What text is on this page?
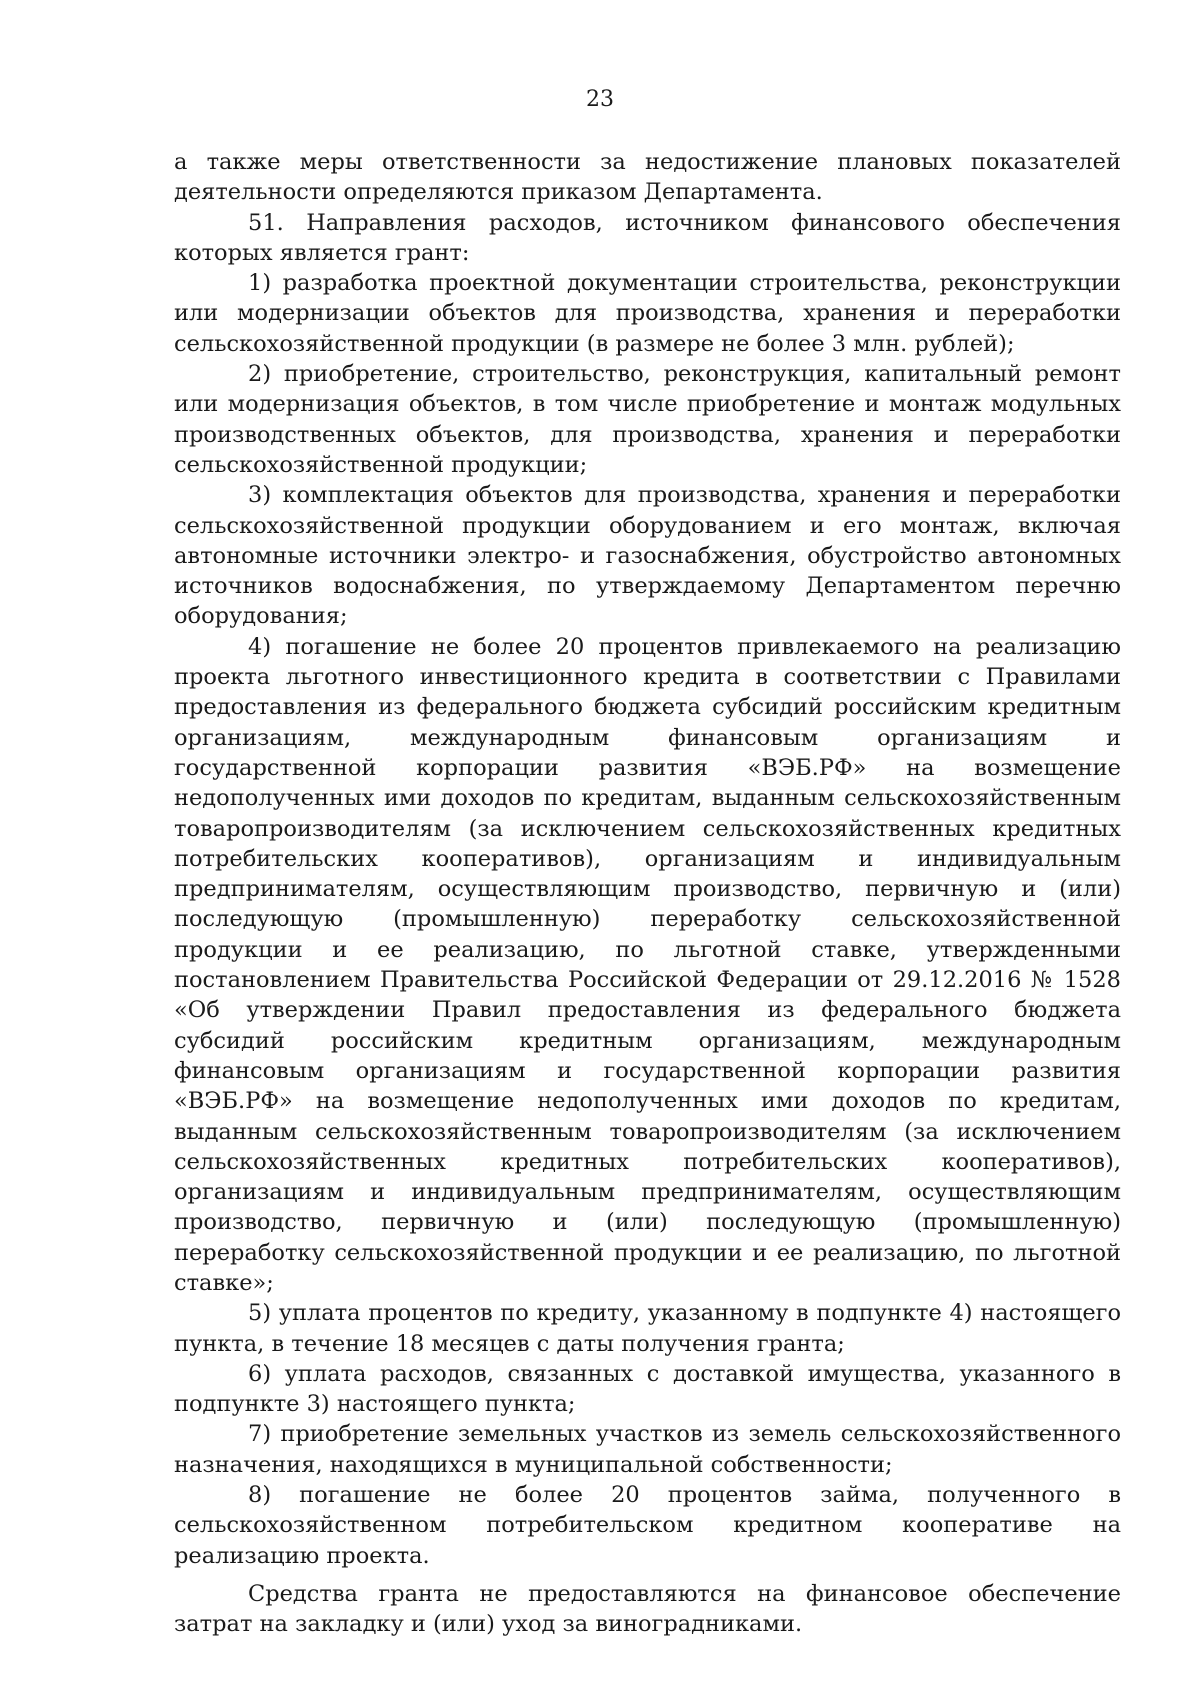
23

а также меры ответственности за недостижение плановых показателей деятельности определяются приказом Департамента.

51. Направления расходов, источником финансового обеспечения которых является грант:

1) разработка проектной документации строительства, реконструкции или модернизации объектов для производства, хранения и переработки сельскохозяйственной продукции (в размере не более 3 млн. рублей);

2) приобретение, строительство, реконструкция, капитальный ремонт или модернизация объектов, в том числе приобретение и монтаж модульных производственных объектов, для производства, хранения и переработки сельскохозяйственной продукции;

3) комплектация объектов для производства, хранения и переработки сельскохозяйственной продукции оборудованием и его монтаж, включая автономные источники электро- и газоснабжения, обустройство автономных источников водоснабжения, по утверждаемому Департаментом перечню оборудования;

4) погашение не более 20 процентов привлекаемого на реализацию проекта льготного инвестиционного кредита в соответствии с Правилами предоставления из федерального бюджета субсидий российским кредитным организациям, международным финансовым организациям и государственной корпорации развития «ВЭБ.РФ» на возмещение недополученных ими доходов по кредитам, выданным сельскохозяйственным товаропроизводителям (за исключением сельскохозяйственных кредитных потребительских кооперативов), организациям и индивидуальным предпринимателям, осуществляющим производство, первичную и (или) последующую (промышленную) переработку сельскохозяйственной продукции и ее реализацию, по льготной ставке, утвержденными постановлением Правительства Российской Федерации от 29.12.2016 № 1528 «Об утверждении Правил предоставления из федерального бюджета субсидий российским кредитным организациям, международным финансовым организациям и государственной корпорации развития «ВЭБ.РФ» на возмещение недополученных ими доходов по кредитам, выданным сельскохозяйственным товаропроизводителям (за исключением сельскохозяйственных кредитных потребительских кооперативов), организациям и индивидуальным предпринимателям, осуществляющим производство, первичную и (или) последующую (промышленную) переработку сельскохозяйственной продукции и ее реализацию, по льготной ставке»;

5) уплата процентов по кредиту, указанному в подпункте 4) настоящего пункта, в течение 18 месяцев с даты получения гранта;

6) уплата расходов, связанных с доставкой имущества, указанного в подпункте 3) настоящего пункта;

7) приобретение земельных участков из земель сельскохозяйственного назначения, находящихся в муниципальной собственности;

8) погашение не более 20 процентов займа, полученного в сельскохозяйственном потребительском кредитном кооперативе на реализацию проекта.

Средства гранта не предоставляются на финансовое обеспечение затрат на закладку и (или) уход за виноградниками.
